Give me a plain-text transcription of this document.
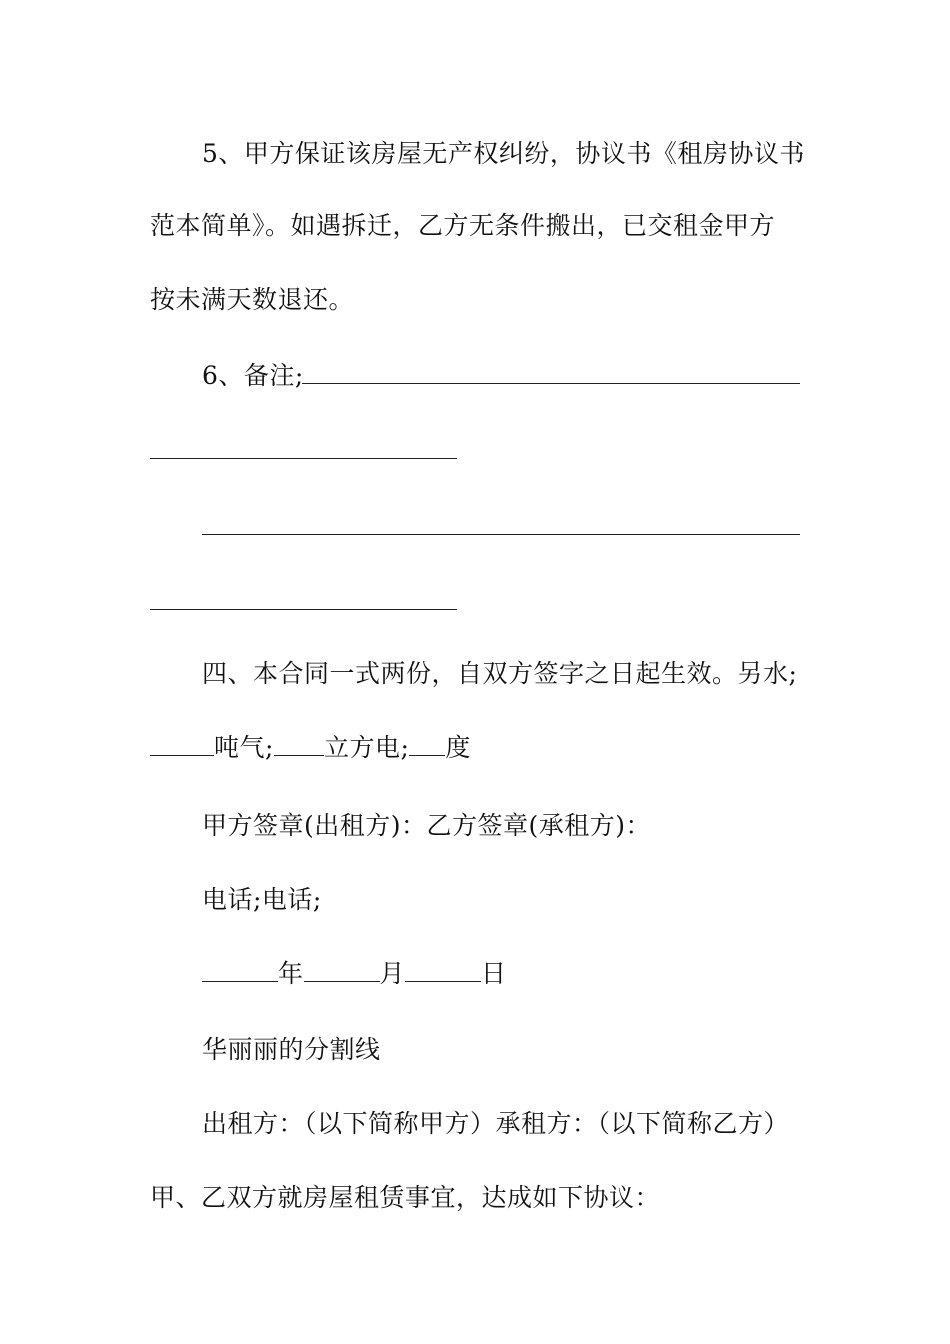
5、甲方保证该房屋无产权纠纷，协议书《租房协议书
范本简单》。如遇拆迁，乙方无条件搬出，已交租金甲方
按未满天数退还。
6、备注;
四、本合同一式两份，自双方签字之日起生效。另水;
吨气; 立方电; 度
甲方签章(出租方)：乙方签章(承租方)：
电话;电话;
年	月	日
华丽丽的分割线
出租方：（以下简称甲方）承租方：（以下简称乙方）
甲、乙双方就房屋租赁事宜，达成如下协议：
